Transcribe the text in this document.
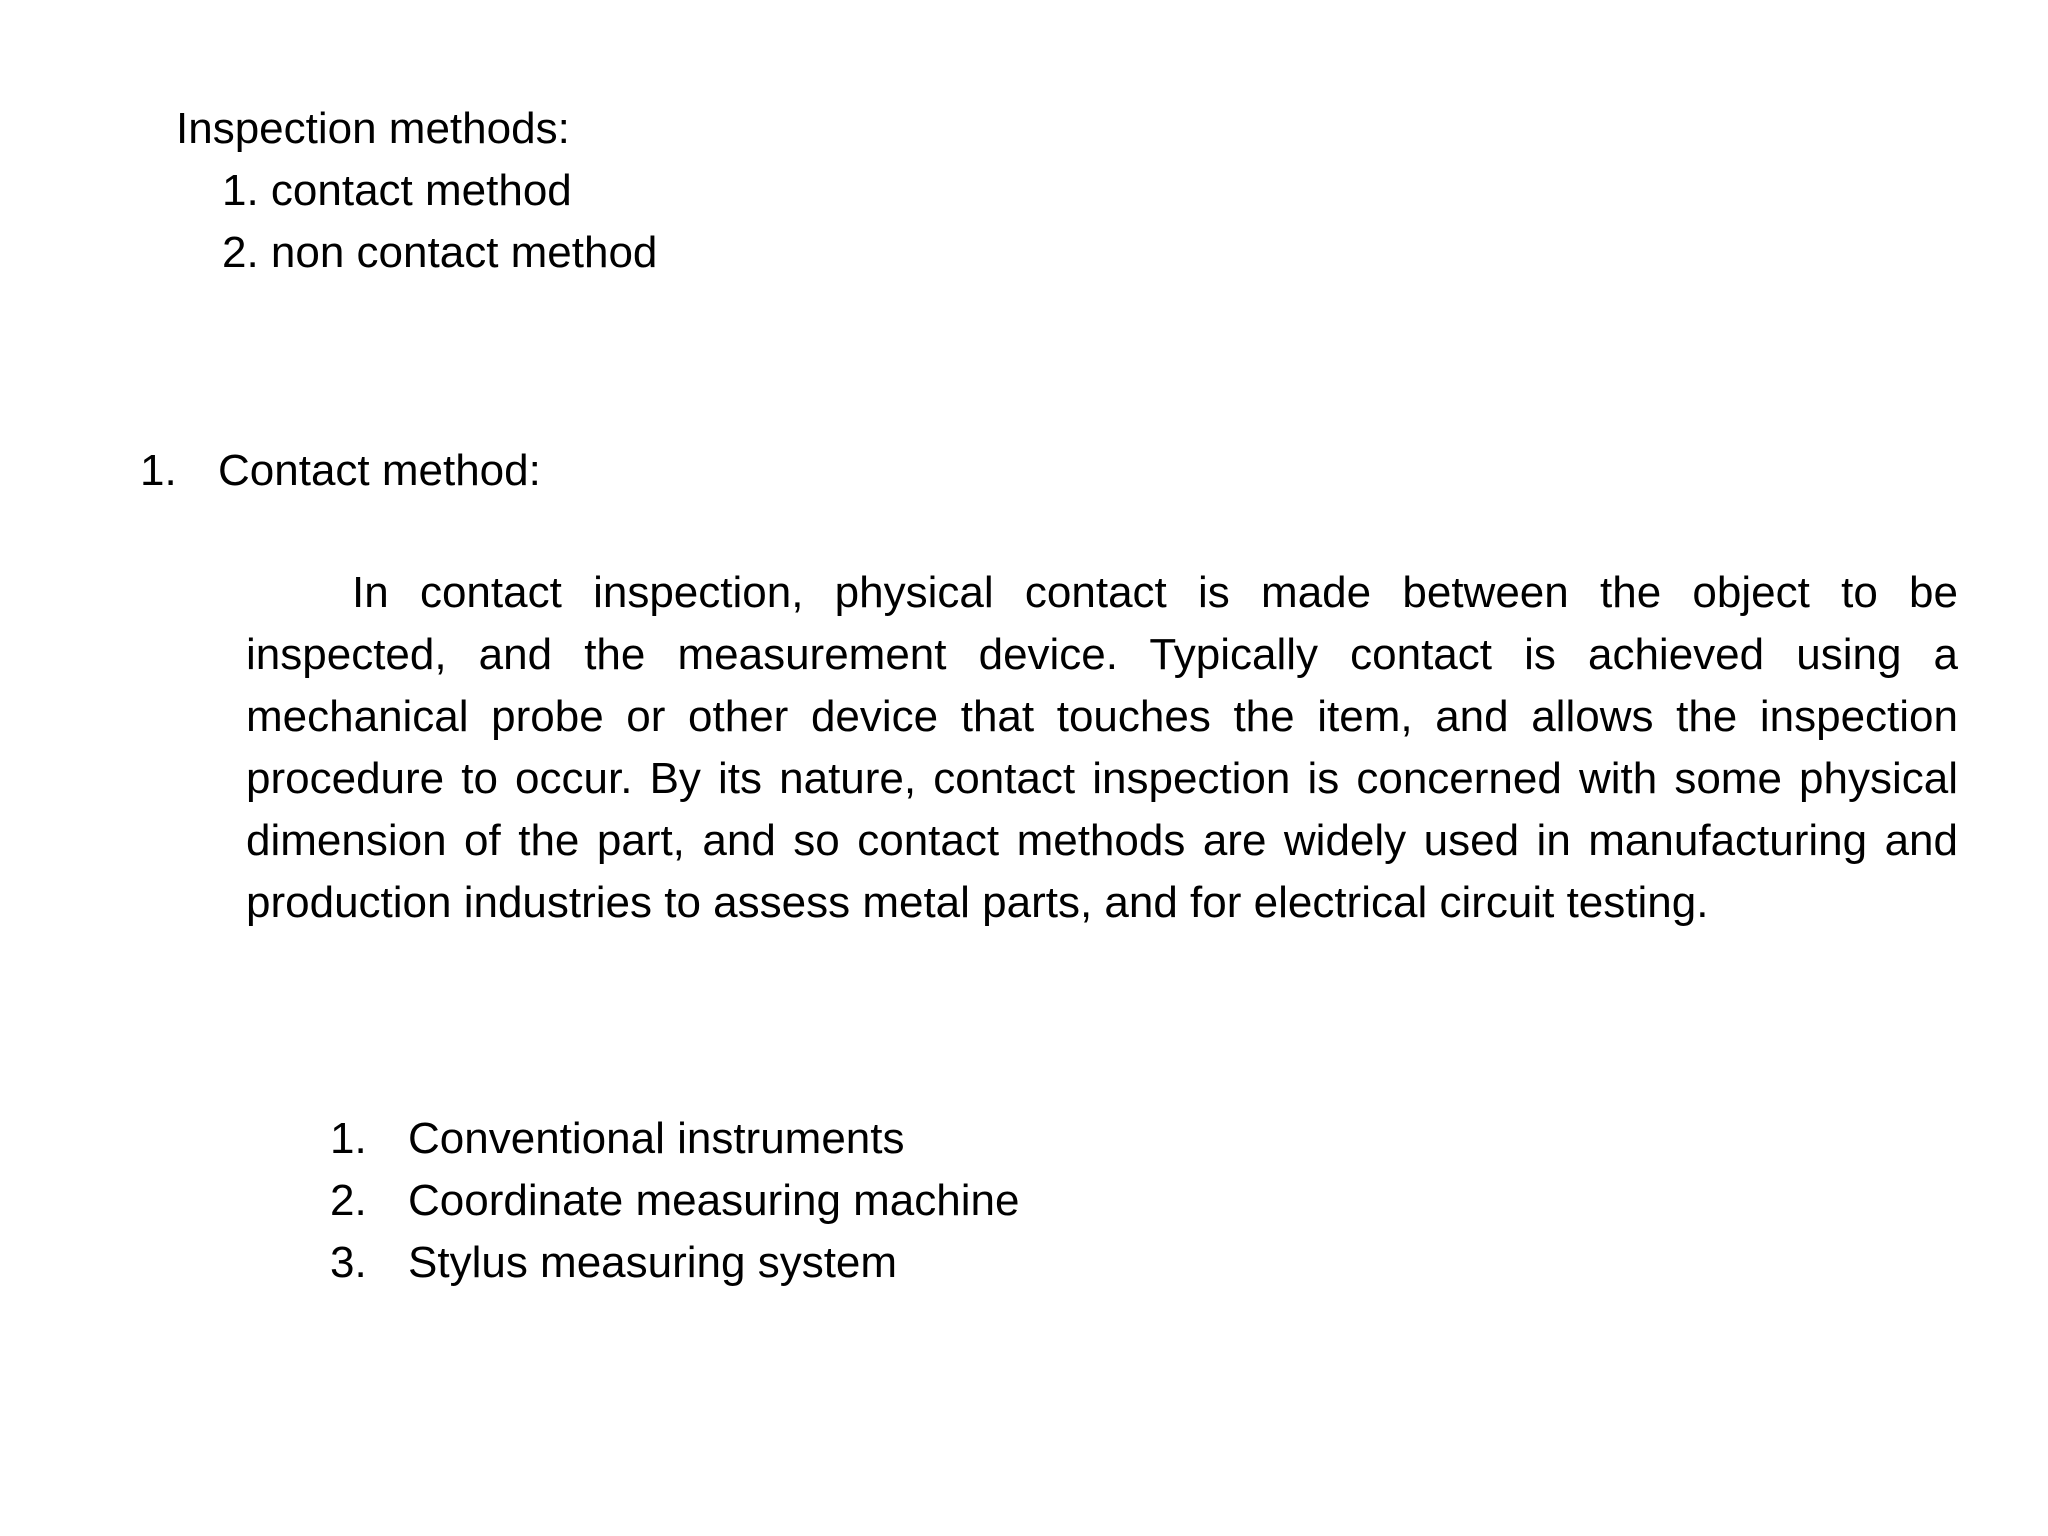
Inspection methods:
1. contact method
2. non contact method
1. Contact method:
In contact inspection, physical contact is made between the object to be inspected, and the measurement device. Typically contact is achieved using a mechanical probe or other device that touches the item, and allows the inspection procedure to occur. By its nature, contact inspection is concerned with some physical dimension of the part, and so contact methods are widely used in manufacturing and production industries to assess metal parts, and for electrical circuit testing.
1. Conventional instruments
2. Coordinate measuring machine
3. Stylus measuring system
